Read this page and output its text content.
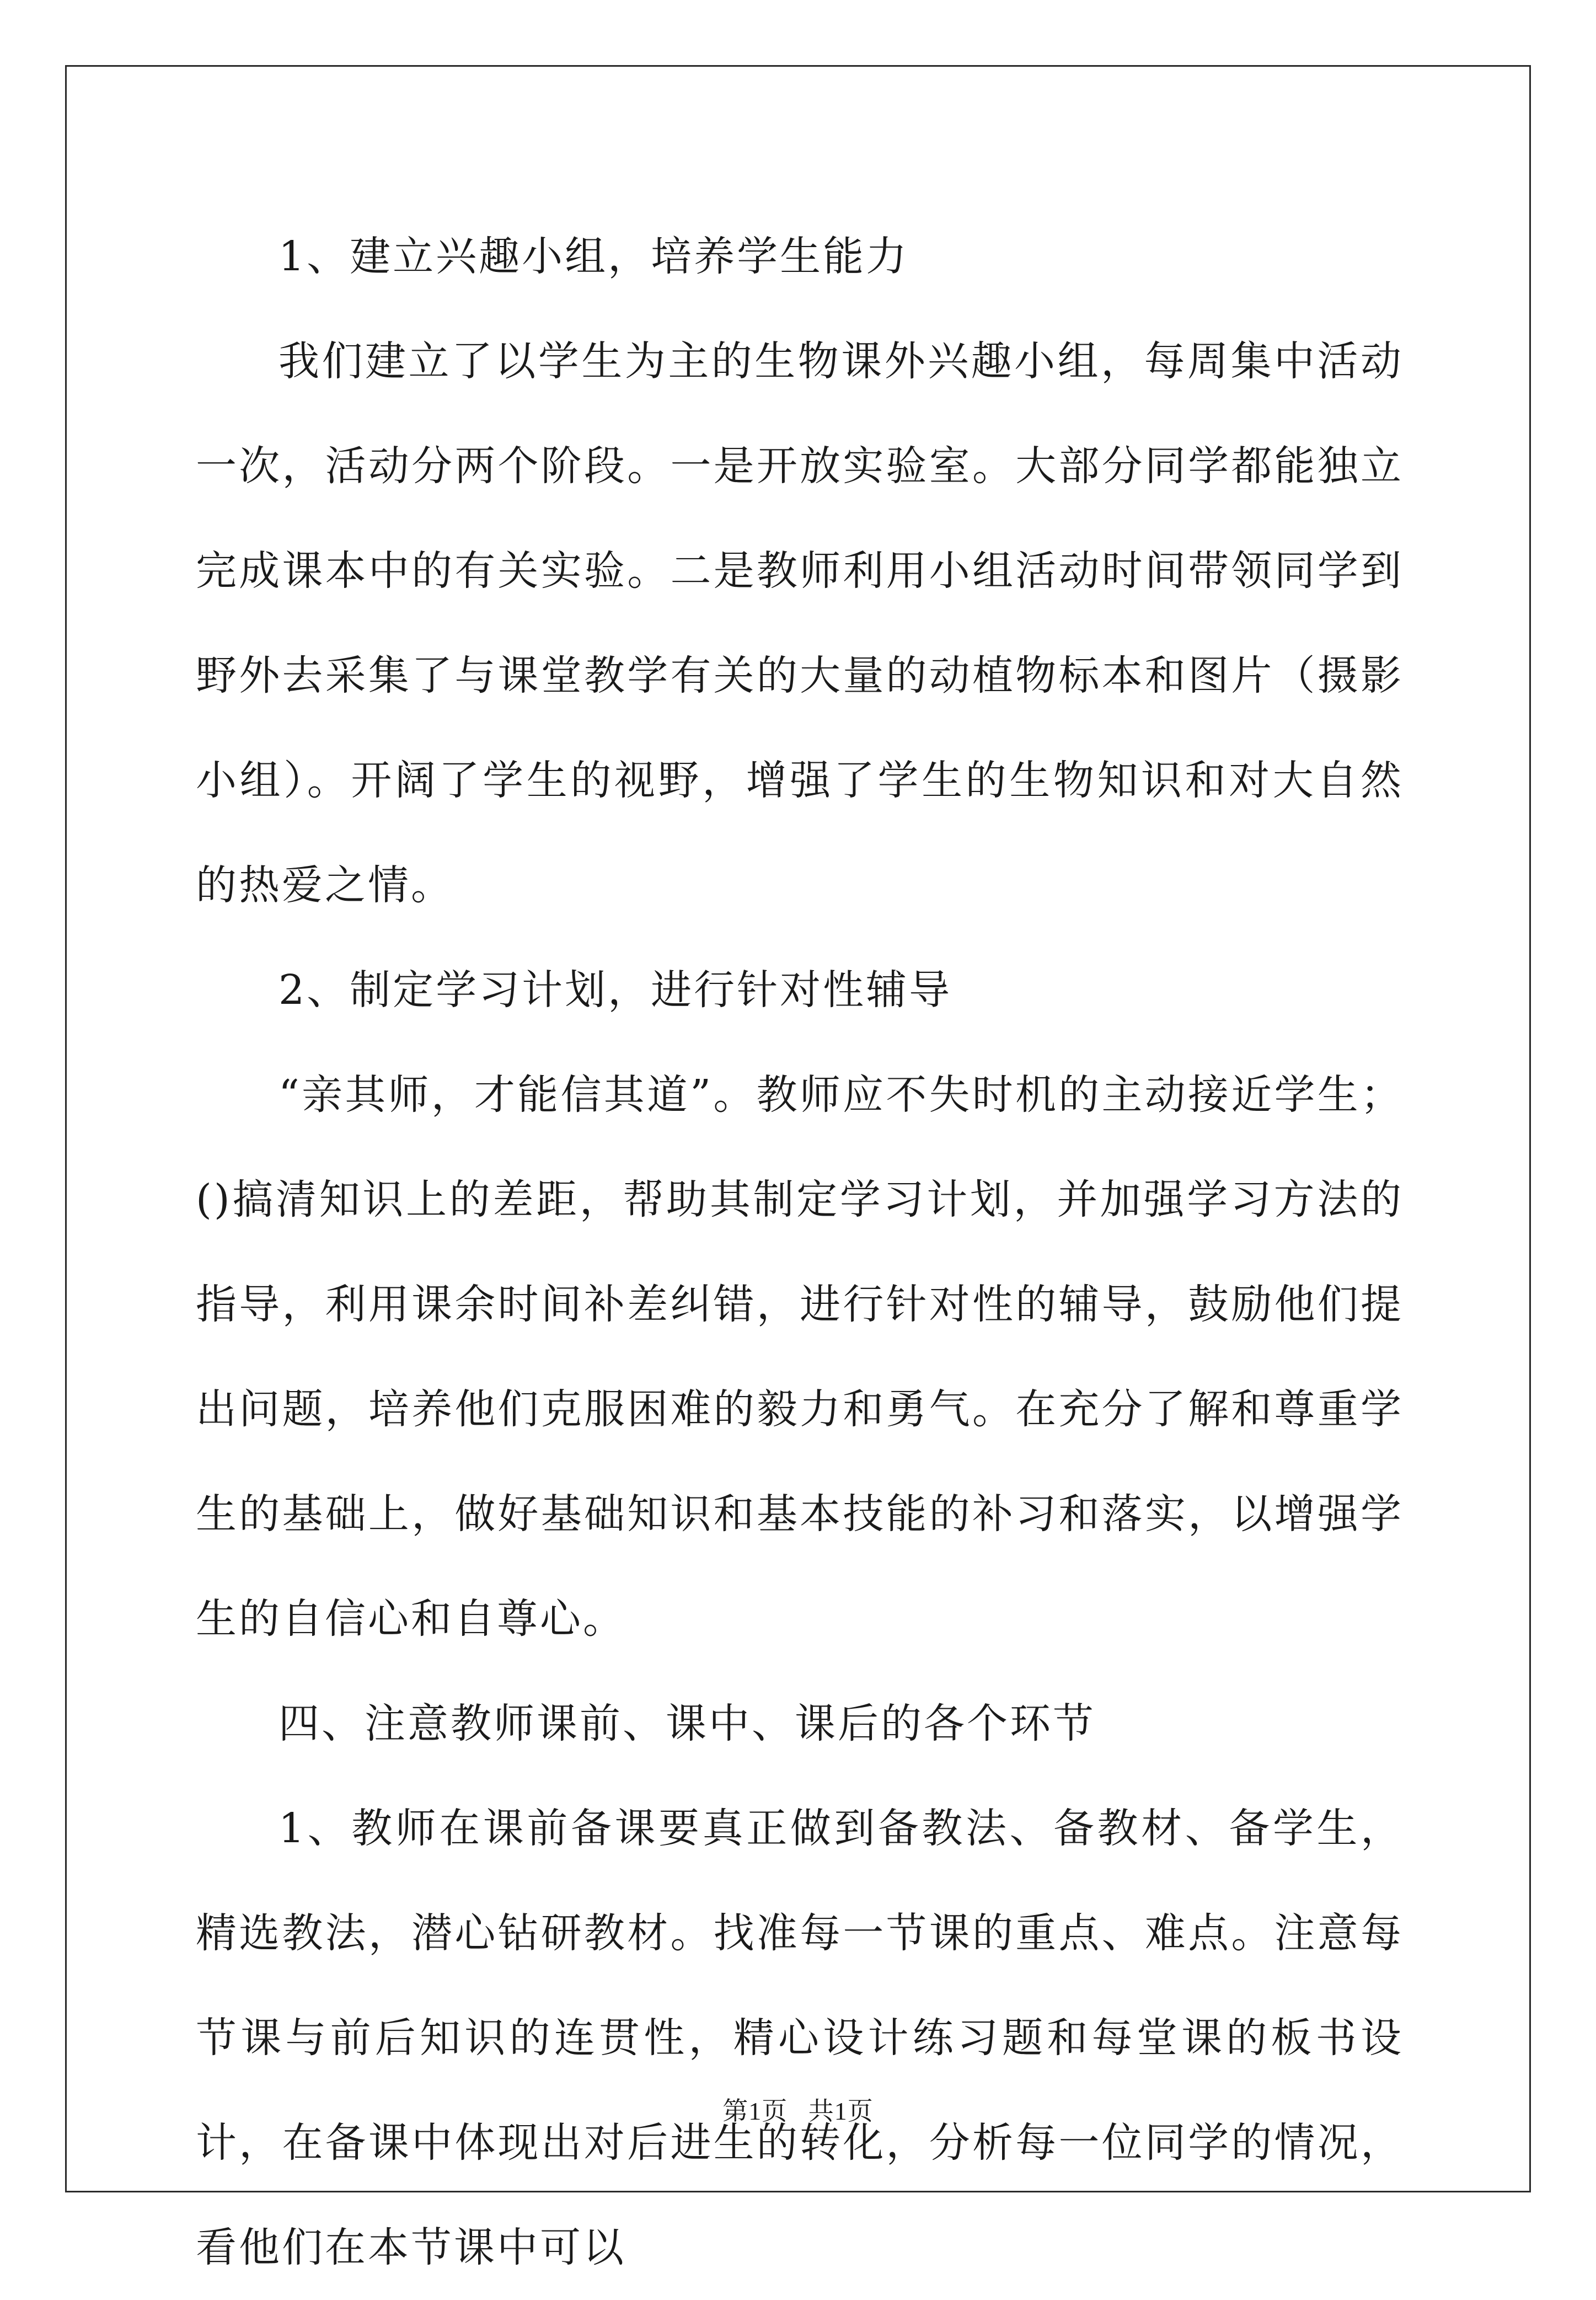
1、建立兴趣小组，培养学生能力

我们建立了以学生为主的生物课外兴趣小组，每周集中活动一次，活动分两个阶段。一是开放实验室。大部分同学都能独立完成课本中的有关实验。二是教师利用小组活动时间带领同学到野外去采集了与课堂教学有关的大量的动植物标本和图片（摄影小组）。开阔了学生的视野，增强了学生的生物知识和对大自然的热爱之情。

2、制定学习计划，进行针对性辅导

“亲其师，才能信其道”。教师应不失时机的主动接近学生；()搞清知识上的差距，帮助其制定学习计划，并加强学习方法的指导，利用课余时间补差纠错，进行针对性的辅导，鼓励他们提出问题，培养他们克服困难的毅力和勇气。在充分了解和尊重学生的基础上，做好基础知识和基本技能的补习和落实，以增强学生的自信心和自尊心。

四、注意教师课前、课中、课后的各个环节

1、教师在课前备课要真正做到备教法、备教材、备学生，精选教法，潜心钻研教材。找准每一节课的重点、难点。注意每节课与前后知识的连贯性，精心设计练习题和每堂课的板书设计，在备课中体现出对后进生的转化，分析每一位同学的情况，看他们在本节课中可以

第1页 共1页
